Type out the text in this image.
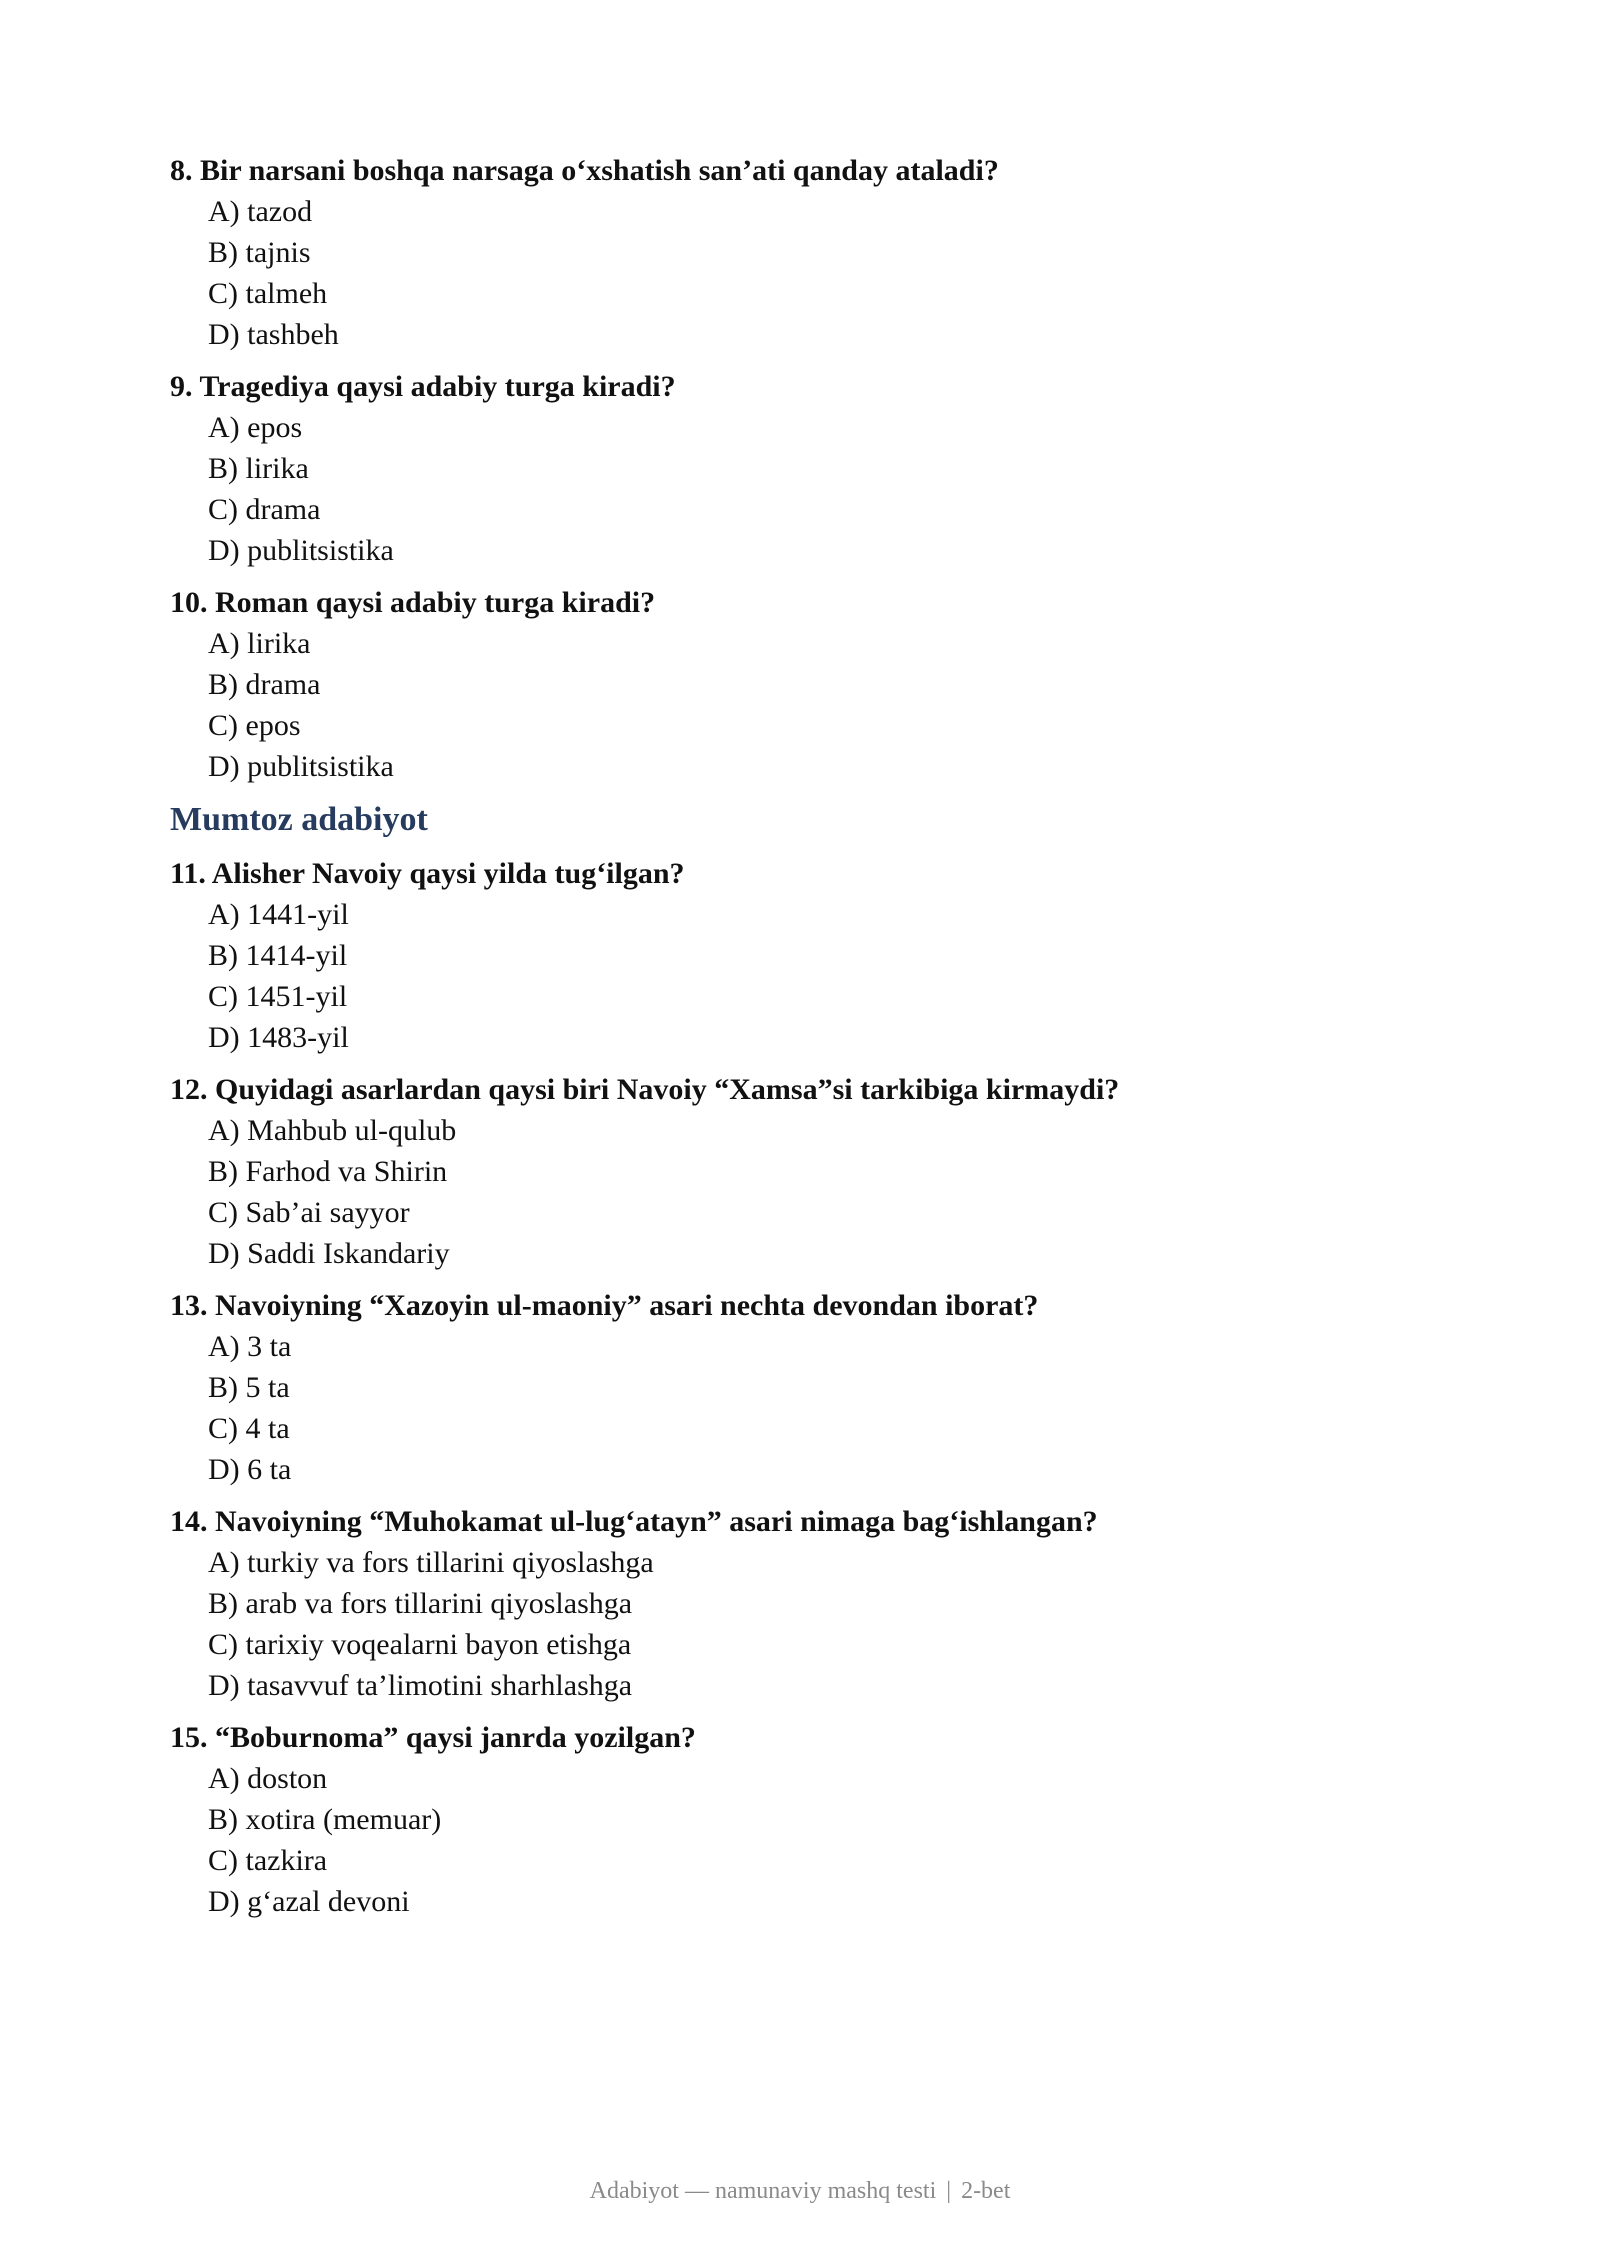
8. Bir narsani boshqa narsaga o‘xshatish san’ati qanday ataladi?

A) tazod
B) tajnis
C) talmeh
D) tashbeh

9. Tragediya qaysi adabiy turga kiradi?

A) epos
B) lirika
C) drama
D) publitsistika

10. Roman qaysi adabiy turga kiradi?

A) lirika
B) drama
C) epos
D) publitsistika
Mumtoz adabiyot

11. Alisher Navoiy qaysi yilda tug‘ilgan?

A) 1441-yil
B) 1414-yil
C) 1451-yil
D) 1483-yil

12. Quyidagi asarlardan qaysi biri Navoiy “Xamsa”si tarkibiga kirmaydi?

A) Mahbub ul-qulub
B) Farhod va Shirin
C) Sab’ai sayyor
D) Saddi Iskandariy

13. Navoiyning “Xazoyin ul-maoniy” asari nechta devondan iborat?

A) 3 ta
B) 5 ta
C) 4 ta
D) 6 ta

14. Navoiyning “Muhokamat ul-lug‘atayn” asari nimaga bag‘ishlangan?

A) turkiy va fors tillarini qiyoslashga
B) arab va fors tillarini qiyoslashga
C) tarixiy voqealarni bayon etishga
D) tasavvuf ta’limotini sharhlashga

15. “Boburnoma” qaysi janrda yozilgan?

A) doston
B) xotira (memuar)
C) tazkira
D) g‘azal devoni
Adabiyot — namunaviy mashq testi | 2-bet
